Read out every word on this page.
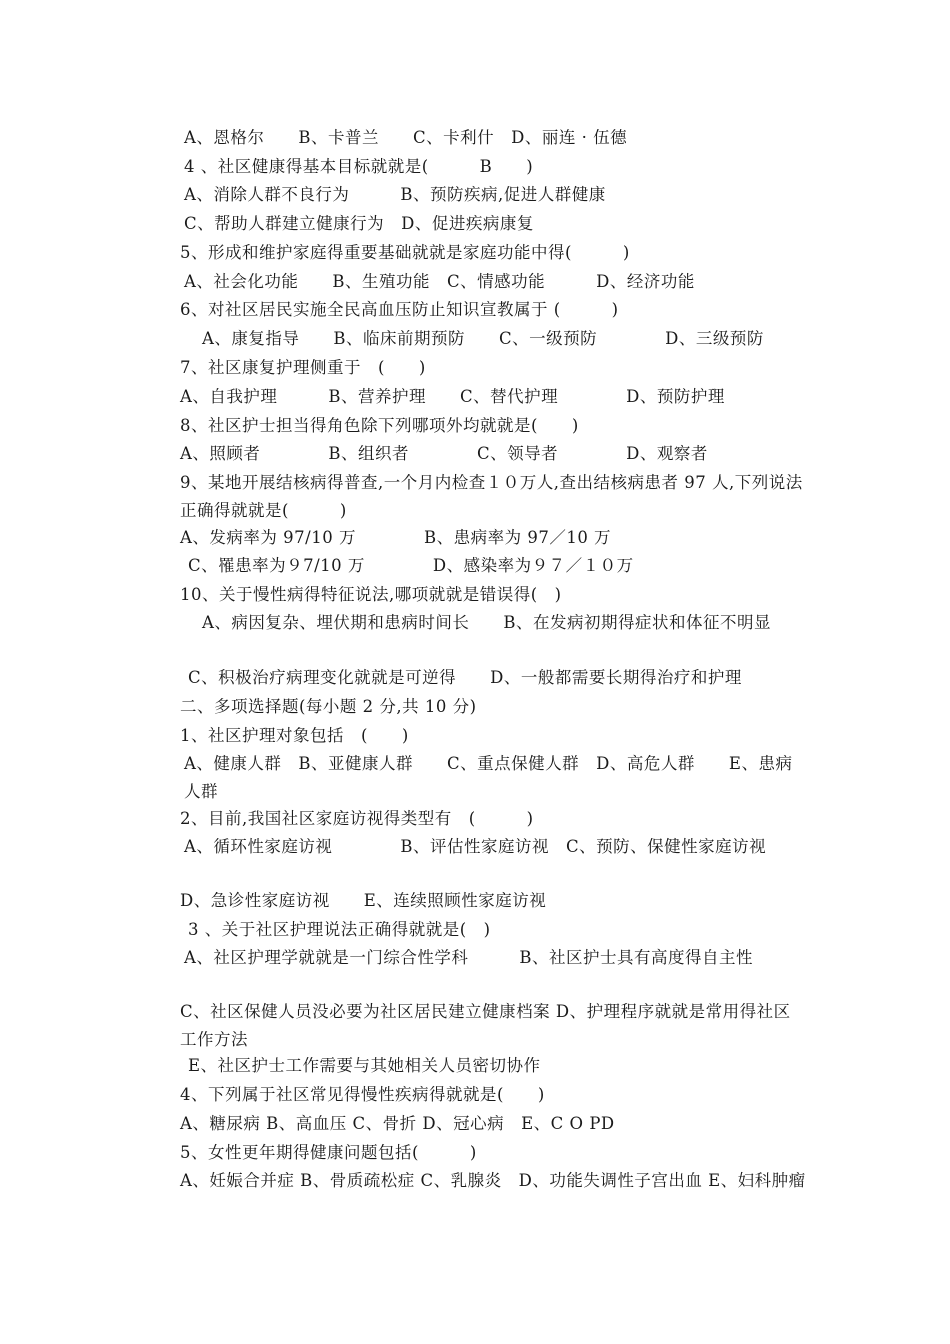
A、恩格尔　　B、卡普兰　　C、卡利什　D、丽连 · 伍德
4 、社区健康得基本目标就就是(　　　B　　)
A、消除人群不良行为　　　B、预防疾病,促进人群健康
C、帮助人群建立健康行为　D、促进疾病康复
5、形成和维护家庭得重要基础就就是家庭功能中得(　　　)
A、社会化功能　　B、生殖功能　C、情感功能　　　D、经济功能
6、对社区居民实施全民高血压防止知识宣教属于 (　　　)
A、康复指导　　B、临床前期预防　　C、一级预防　　　　D、三级预防
7、社区康复护理侧重于　(　　)
A、自我护理　　　B、营养护理　　C、替代护理　　　　D、预防护理
8、社区护士担当得角色除下列哪项外均就就是(　　)
A、照顾者　　　　B、组织者　　　　C、领导者　　　　D、观察者
9、某地开展结核病得普查,一个月内检查１０万人,查出结核病患者 97 人,下列说法正确得就就是(　　　)
A、发病率为 97/10 万　　　　B、患病率为 97／10 万
C、罹患率为９7/10 万　　　　D、感染率为９７／１０万
10、关于慢性病得特征说法,哪项就就是错误得(　)
A、病因复杂、埋伏期和患病时间长　　B、在发病初期得症状和体征不明显
C、积极治疗病理变化就就是可逆得　　D、一般都需要长期得治疗和护理
二、多项选择题(每小题 2 分,共 10 分)
1、社区护理对象包括　(　　)
A、健康人群　B、亚健康人群　　C、重点保健人群　D、高危人群　　E、患病人群
2、目前,我国社区家庭访视得类型有　(　　　)
A、循环性家庭访视　　　　B、评估性家庭访视　C、预防、保健性家庭访视
D、急诊性家庭访视　　E、连续照顾性家庭访视
3 、关于社区护理说法正确得就就是(　)
A、社区护理学就就是一门综合性学科　　　B、社区护士具有高度得自主性
C、社区保健人员没必要为社区居民建立健康档案 D、护理程序就就是常用得社区工作方法
E、社区护士工作需要与其她相关人员密切协作
4、下列属于社区常见得慢性疾病得就就是(　　)
A、糖尿病 B、高血压 C、骨折 D、冠心病　E、C O PD
5、女性更年期得健康问题包括(　　　)
A、妊娠合并症 B、骨质疏松症 C、乳腺炎　D、功能失调性子宫出血 E、妇科肿瘤
